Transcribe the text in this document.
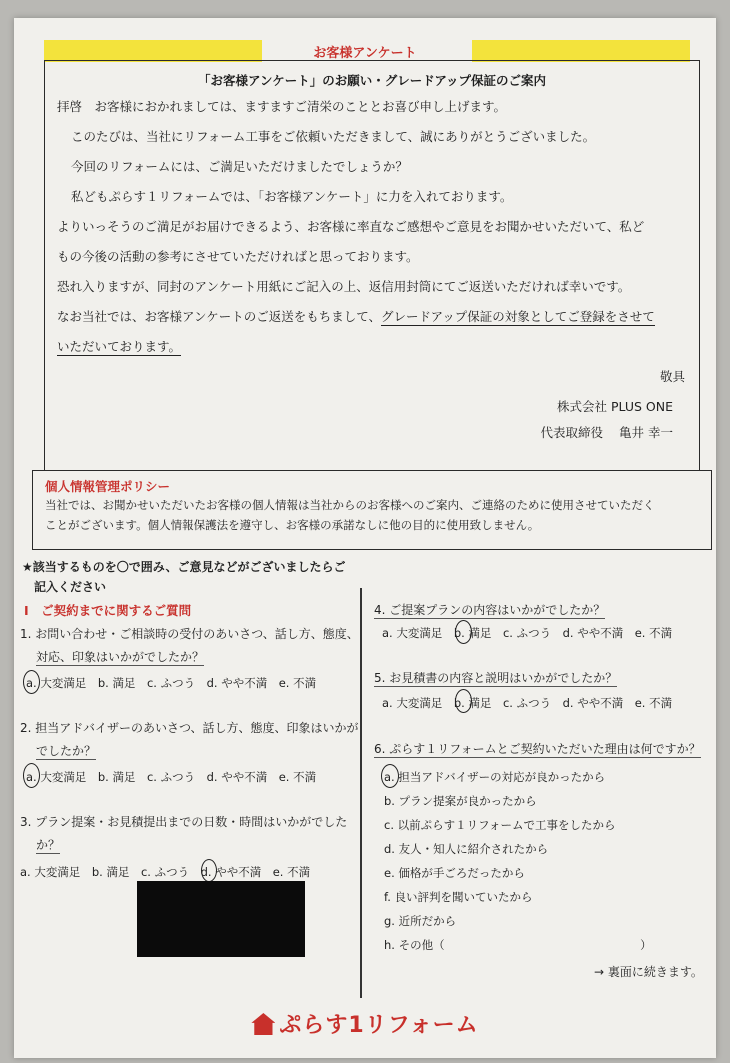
お客様アンケート
「お客様アンケート」のお願い・グレードアップ保証のご案内
拝啓　お客様におかれましては、ますますご清栄のこととお喜び申し上げます。
このたびは、当社にリフォーム工事をご依頼いただきまして、誠にありがとうございました。
今回のリフォームには、ご満足いただけましたでしょうか？
私どもぷらす１リフォームでは、「お客様アンケート」に力を入れております。
よりいっそうのご満足がお届けできるよう、お客様に率直なご感想やご意見をお聞かせいただいて、私ど
もの今後の活動の参考にさせていただければと思っております。
恐れ入りますが、同封のアンケート用紙にご記入の上、返信用封筒にてご返送いただければ幸いです。
なお当社では、お客様アンケートのご返送をもちまして、グレードアップ保証の対象としてご登録をさせて
いただいております。
敬具
株式会社 PLUS ONE
代表取締役 亀井 幸一
個人情報管理ポリシー
当社では、お聞かせいただいたお客様の個人情報は当社からのお客様へのご案内、ご連絡のために使用させていただく
ことがございます。個人情報保護法を遵守し、お客様の承諾なしに他の目的に使用致しません。
★該当するものを〇で囲み、ご意見などがございましたらご
記入ください
Ⅰ　ご契約までに関するご質問
1. お問い合わせ・ご相談時の受付のあいさつ、話し方、態度、
対応、印象はいかがでしたか？
a. 大変満足　b. 満足　c. ふつう　d. やや不満　e. 不満
2. 担当アドバイザーのあいさつ、話し方、態度、印象はいかが
でしたか？
a. 大変満足　b. 満足　c. ふつう　d. やや不満　e. 不満
3. プラン提案・お見積提出までの日数・時間はいかがでした
か？
a. 大変満足　b. 満足　c. ふつう　d. やや不満　e. 不満
4. ご提案プランの内容はいかがでしたか？
a. 大変満足　b. 満足　c. ふつう　d. やや不満　e. 不満
5. お見積書の内容と説明はいかがでしたか？
a. 大変満足　b. 満足　c. ふつう　d. やや不満　e. 不満
6. ぷらす１リフォームとご契約いただいた理由は何ですか？
a. 担当アドバイザーの対応が良かったから
b. プラン提案が良かったから
c. 以前ぷらす１リフォームで工事をしたから
d. 友人・知人に紹介されたから
e. 価格が手ごろだったから
f. 良い評判を聞いていたから
g. 近所だから
h. その他（　　　　　　　　　　　　　　　　　）
→ 裏面に続きます。
ぷらす1リフォーム
